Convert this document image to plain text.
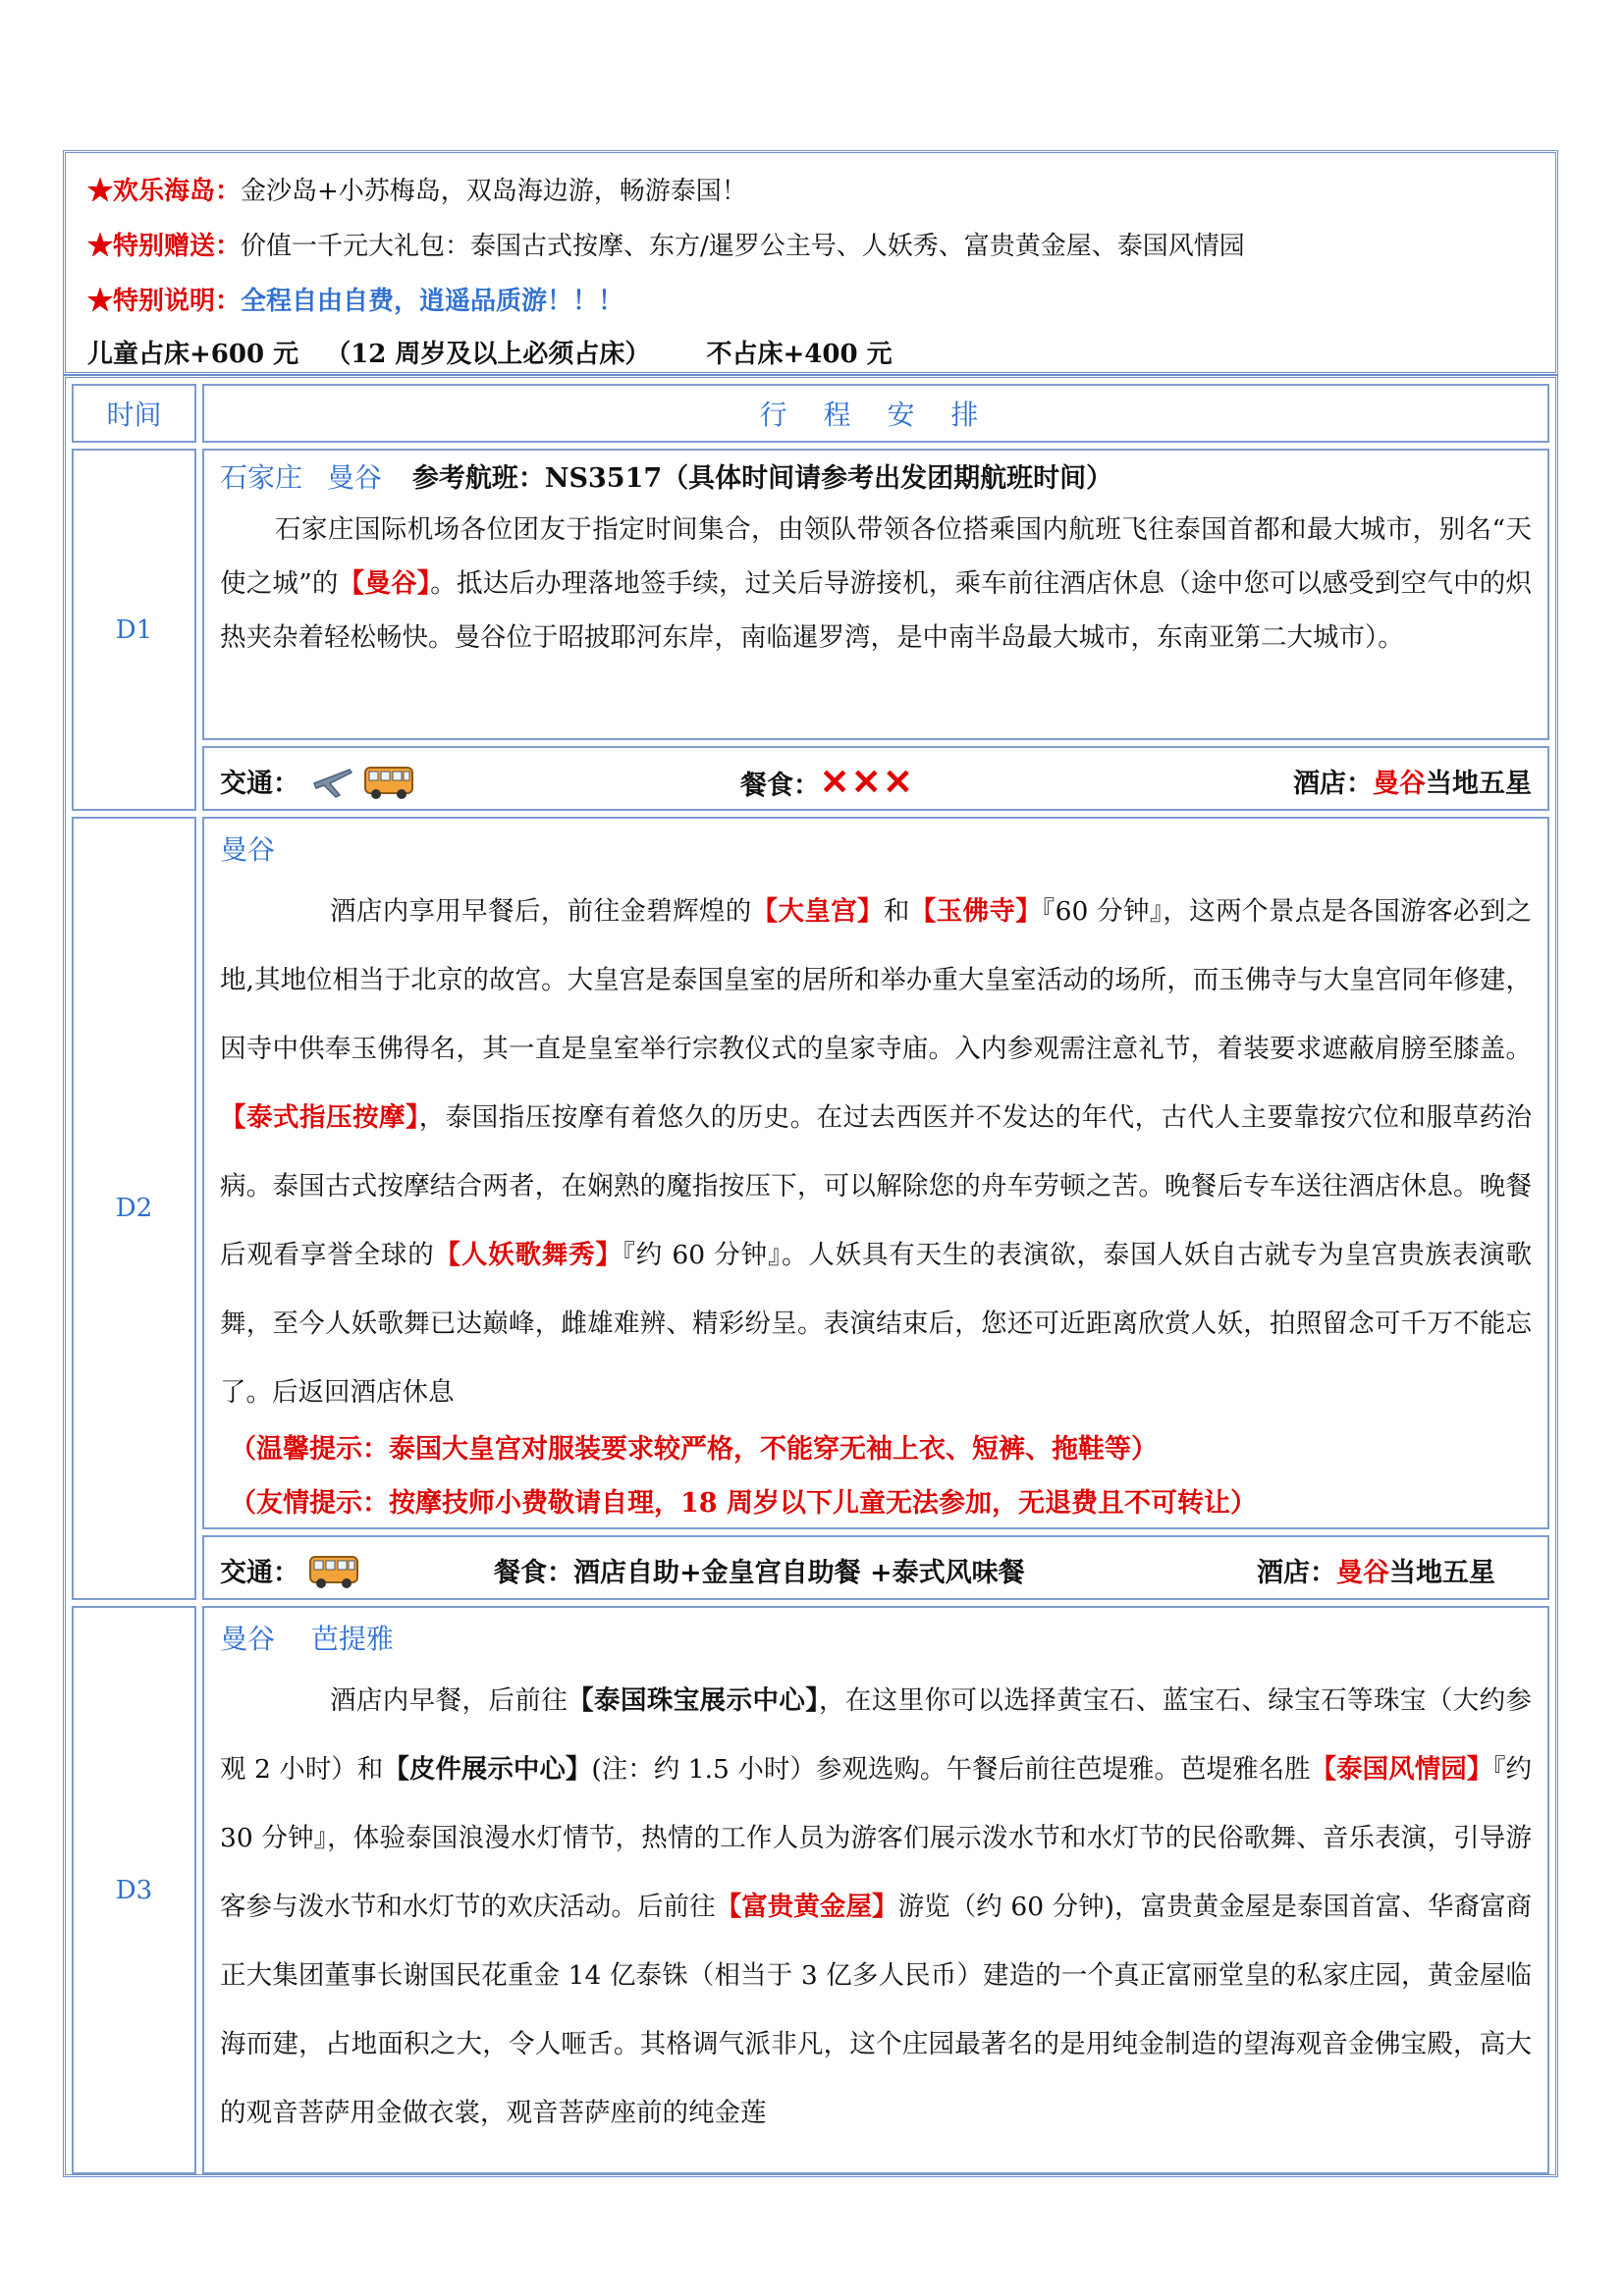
★欢乐海岛：金沙岛+小苏梅岛，双岛海边游，畅游泰国！
★特别赠送：价值一千元大礼包：泰国古式按摩、东方/暹罗公主号、人妖秀、富贵黄金屋、泰国风情园
★特别说明：全程自由自费，逍遥品质游！！！
儿童占床+600 元 （12 周岁及以上必须占床） 不占床+400 元
时间	行 程 安 排
D1
石家庄 曼谷 参考航班：NS3517（具体时间请参考出发团期航班时间）

石家庄国际机场各位团友于指定时间集合，由领队带领各位搭乘国内航班飞往泰国首都和最大城市，别名“天使之城”的【曼谷】。抵达后办理落地签手续，过关后导游接机，乘车前往酒店休息（途中您可以感受到空气中的炽热夹杂着轻松畅快。曼谷位于昭披耶河东岸，南临暹罗湾，是中南半岛最大城市，东南亚第二大城市）。

交通：	餐食：✕✕✕	酒店：曼谷当地五星
D2
曼谷

酒店内享用早餐后，前往金碧辉煌的【大皇宫】和【玉佛寺】『60 分钟』，这两个景点是各国游客必到之地,其地位相当于北京的故宫。大皇宫是泰国皇室的居所和举办重大皇室活动的场所，而玉佛寺与大皇宫同年修建，因寺中供奉玉佛得名，其一直是皇室举行宗教仪式的皇家寺庙。入内参观需注意礼节，着装要求遮蔽肩膀至膝盖。【泰式指压按摩】，泰国指压按摩有着悠久的历史。在过去西医并不发达的年代，古代人主要靠按穴位和服草药治病。泰国古式按摩结合两者，在娴熟的魔指按压下，可以解除您的舟车劳顿之苦。晚餐后专车送往酒店休息。晚餐后观看享誉全球的【人妖歌舞秀】『约 60 分钟』。人妖具有天生的表演欲，泰国人妖自古就专为皇宫贵族表演歌舞，至今人妖歌舞已达巅峰，雌雄难辨、精彩纷呈。表演结束后，您还可近距离欣赏人妖，拍照留念可千万不能忘了。后返回酒店休息

（温馨提示：泰国大皇宫对服装要求较严格，不能穿无袖上衣、短裤、拖鞋等）

（友情提示：按摩技师小费敬请自理，18 周岁以下儿童无法参加，无退费且不可转让）

交通：	餐食：酒店自助+金皇宫自助餐 +泰式风味餐	酒店：曼谷当地五星
D3
曼谷 芭提雅

酒店内早餐，后前往【泰国珠宝展示中心】，在这里你可以选择黄宝石、蓝宝石、绿宝石等珠宝（大约参观 2 小时）和【皮件展示中心】(注：约 1.5 小时）参观选购。午餐后前往芭堤雅。芭堤雅名胜【泰国风情园】『约 30 分钟』，体验泰国浪漫水灯情节，热情的工作人员为游客们展示泼水节和水灯节的民俗歌舞、音乐表演，引导游客参与泼水节和水灯节的欢庆活动。后前往【富贵黄金屋】游览（约 60 分钟)，富贵黄金屋是泰国首富、华裔富商正大集团董事长谢国民花重金 14 亿泰铢（相当于 3 亿多人民币）建造的一个真正富丽堂皇的私家庄园，黄金屋临海而建，占地面积之大，令人咂舌。其格调气派非凡，这个庄园最著名的是用纯金制造的望海观音金佛宝殿，高大的观音菩萨用金做衣裳，观音菩萨座前的纯金莲
